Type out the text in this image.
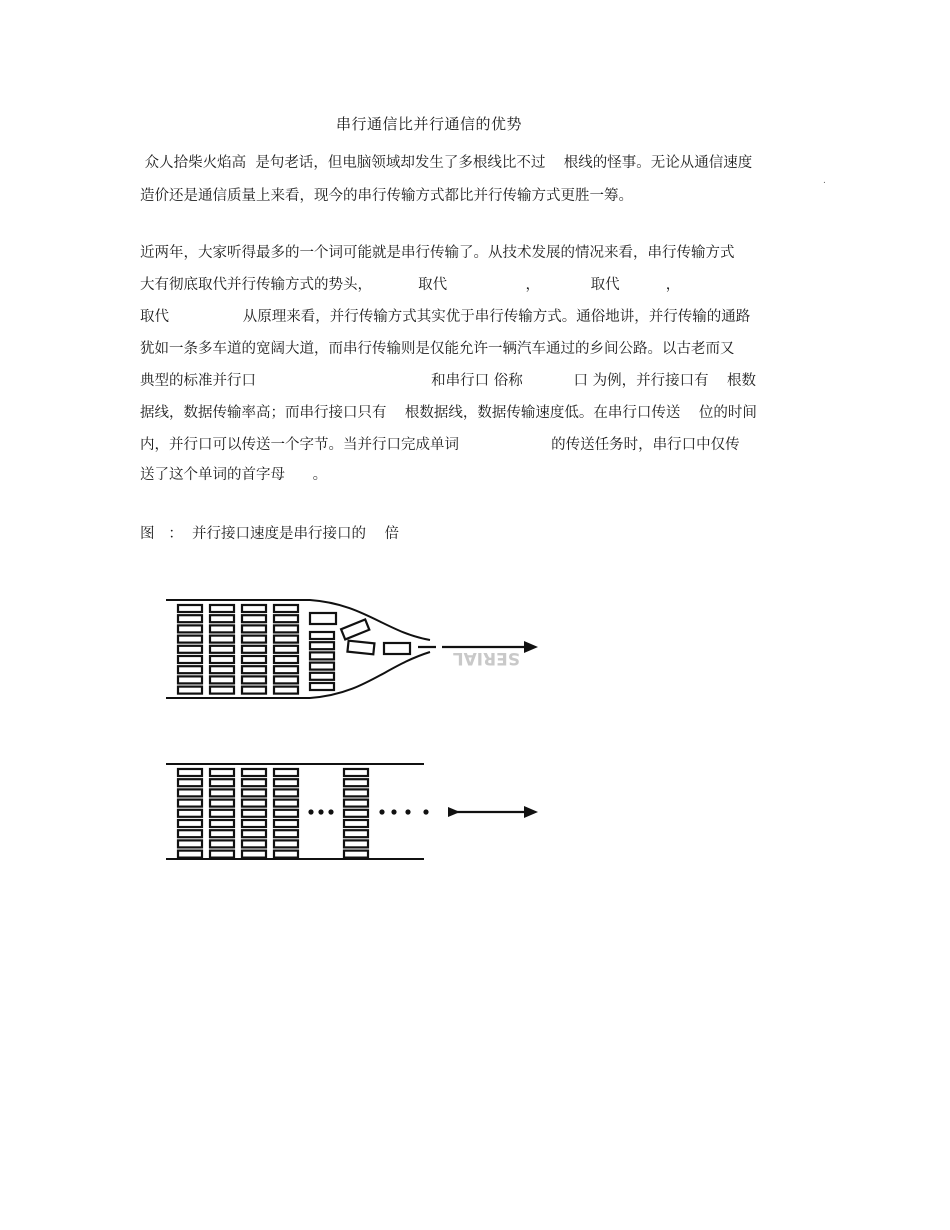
串行通信比并行通信的优势
.
众人拾柴火焰高  是句老话，但电脑领域却发生了多根线比不过    根线的怪事。无论从通信速度
造价还是通信质量上来看，现今的串行传输方式都比并行传输方式更胜一筹。
近两年，大家听得最多的一个词可能就是串行传输了。从技术发展的情况来看，串行传输方式
大有彻底取代并行传输方式的势头，          取代                 ，           取代          ，
取代                从原理来看，并行传输方式其实优于串行传输方式。通俗地讲，并行传输的通路
犹如一条多车道的宽阔大道，而串行传输则是仅能允许一辆汽车通过的乡间公路。以古老而又
典型的标准并行口                                      和串行口 俗称           口 为例，并行接口有    根数
据线，数据传输率高；而串行接口只有    根数据线，数据传输速度低。在串行口传送    位的时间
内，并行口可以传送一个字节。当并行口完成单词                    的传送任务时，串行口中仅传
送了这个单词的首字母      。
图   ：  并行接口速度是串行接口的    倍
SERIAL
